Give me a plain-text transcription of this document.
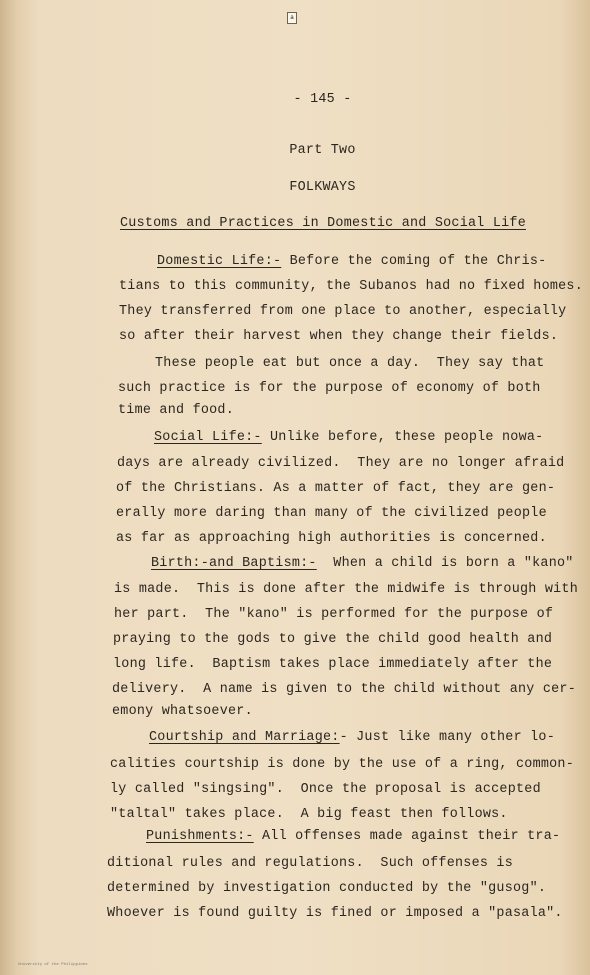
a
- 145 -
Part Two
FOLKWAYS
Customs and Practices in Domestic and Social Life
Domestic Life:- Before the coming of the Chris-
tians to this community, the Subanos had no fixed homes.
They transferred from one place to another, especially
so after their harvest when they change their fields.
These people eat but once a day.  They say that
such practice is for the purpose of economy of both
time and food.
Social Life:- Unlike before, these people nowa-
days are already civilized.  They are no longer afraid
of the Christians. As a matter of fact, they are gen-
erally more daring than many of the civilized people
as far as approaching high authorities is concerned.
Birth:-and Baptism:-  When a child is born a "kano"
is made.  This is done after the midwife is through with
her part.  The "kano" is performed for the purpose of
praying to the gods to give the child good health and
long life.  Baptism takes place immediately after the
delivery.  A name is given to the child without any cer-
emony whatsoever.
Courtship and Marriage:- Just like many other lo-
calities courtship is done by the use of a ring, common-
ly called "singsing".  Once the proposal is accepted
"taltal" takes place.  A big feast then follows.
Punishments:- All offenses made against their tra-
ditional rules and regulations.  Such offenses is
determined by investigation conducted by the "gusog".
Whoever is found guilty is fined or imposed a "pasala".
University of the Philippines
